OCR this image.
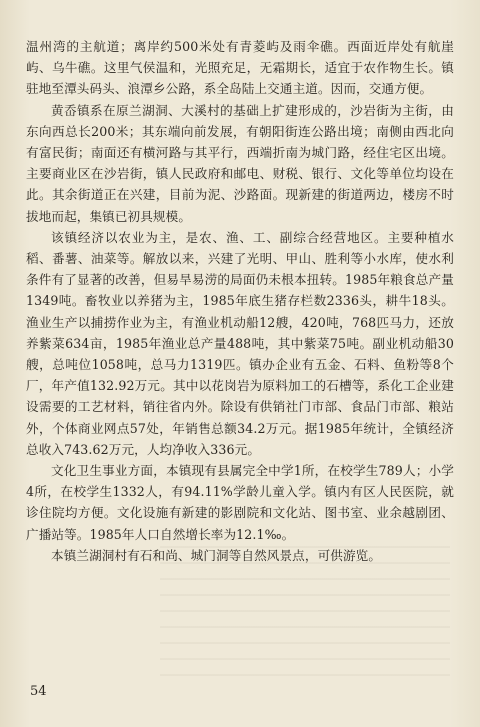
温州湾的主航道；离岸约500米处有青菱屿及雨伞礁。西面近岸处有航崖屿、乌牛礁。这里气侯温和，光照充足，无霜期长，适宜于农作物生长。镇驻地至潭头码头、浪潭乡公路，系全岛陆上交通主道。因而，交通方便。

黄岙镇系在原兰湖洞、大溪村的基础上扩建形成的，沙岩街为主街，由东向西总长200米；其东端向前发展，有朝阳街连公路出境；南侧由西北向有富民街；南面还有横河路与其平行，西端折南为城门路，经住宅区出境。主要商业区在沙岩街，镇人民政府和邮电、财税、银行、文化等单位均设在此。其余街道正在兴建，目前为泥、沙路面。现新建的街道两边，楼房不时拔地而起，集镇已初具规模。

该镇经济以农业为主，是农、渔、工、副综合经营地区。主要种植水稻、番薯、油菜等。解放以来，兴建了光明、甲山、胜利等小水库，使水利条件有了显著的改善，但易旱易涝的局面仍未根本扭转。1985年粮食总产量1349吨。畜牧业以养猪为主，1985年底生猪存栏数2336头，耕牛18头。渔业生产以捕捞作业为主，有渔业机动船12艘，420吨，768匹马力，还放养紫菜634亩，1985年渔业总产量488吨，其中紫菜75吨。副业机动船30艘，总吨位1058吨，总马力1319匹。镇办企业有五金、石料、鱼粉等8个厂，年产值132.92万元。其中以花岗岩为原料加工的石槽等，系化工企业建设需要的工艺材料，销往省内外。除设有供销社门市部、食品门市部、粮站外，个体商业网点57处，年销售总额34.2万元。据1985年统计，全镇经济总收入743.62万元，人均净收入336元。

文化卫生事业方面，本镇现有县属完全中学1所，在校学生789人；小学4所，在校学生1332人，有94.11%学龄儿童入学。镇内有区人民医院，就诊住院均方便。文化设施有新建的影剧院和文化站、图书室、业余越剧团、广播站等。1985年人口自然增长率为12.1‰。

本镇兰湖洞村有石和尚、城门洞等自然风景点，可供游览。

54
